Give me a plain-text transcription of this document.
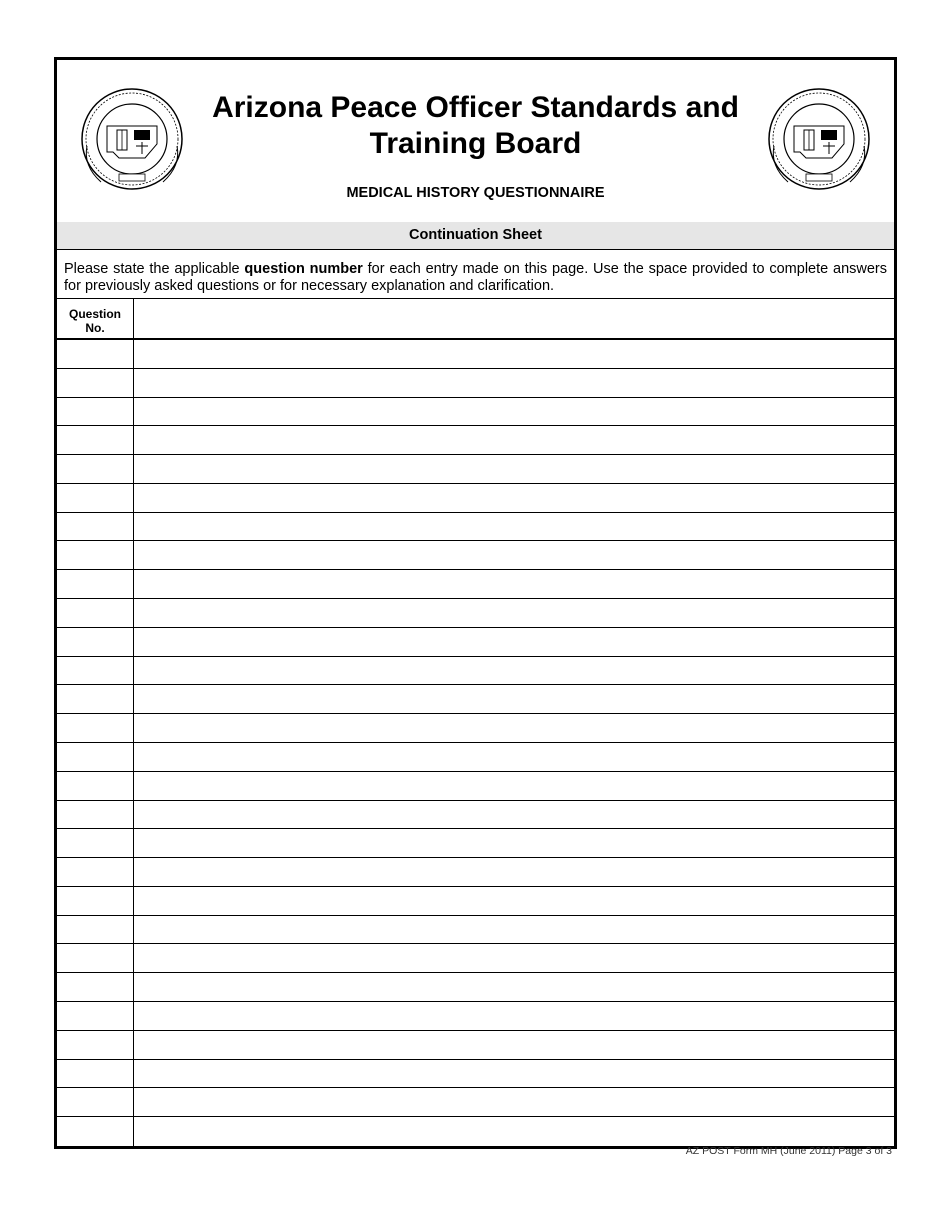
Arizona Peace Officer Standards and
Training Board
MEDICAL HISTORY QUESTIONNAIRE
Continuation Sheet
Please state the applicable question number for each entry made on this page. Use the space provided to complete answers for previously asked questions or for necessary explanation and clarification.
Question
No.
AZ POST Form MH (June 2011) Page 3 of 3
